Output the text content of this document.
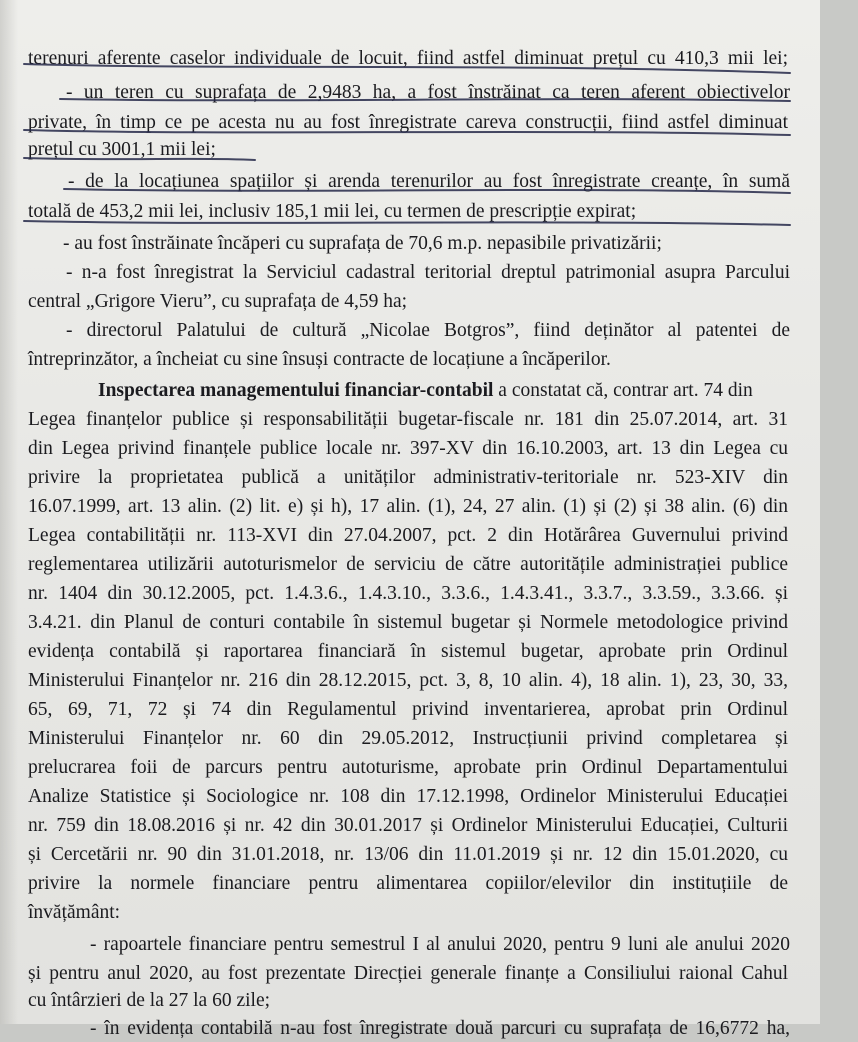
terenuri aferente caselor individuale de locuit, fiind astfel diminuat prețul cu 410,3 mii lei;
- un teren cu suprafața de 2,9483 ha, a fost înstrăinat ca teren aferent obiectivelor
private, în timp ce pe acesta nu au fost înregistrate careva construcții, fiind astfel diminuat
prețul cu 3001,1 mii lei;
- de la locațiunea spațiilor și arenda terenurilor au fost înregistrate creanțe, în sumă
totală de 453,2 mii lei, inclusiv 185,1 mii lei, cu termen de prescripție expirat;
- au fost înstrăinate încăperi cu suprafața de 70,6 m.p. nepasibile privatizării;
- n-a fost înregistrat la Serviciul cadastral teritorial dreptul patrimonial asupra Parcului
central „Grigore Vieru”, cu suprafața de 4,59 ha;
- directorul Palatului de cultură „Nicolae Botgros”, fiind deținător al patentei de
întreprinzător, a încheiat cu sine însuși contracte de locațiune a încăperilor.
Inspectarea managementului financiar-contabil a constatat că, contrar art. 74 din
Legea finanțelor publice și responsabilității bugetar-fiscale nr. 181 din 25.07.2014, art. 31
din Legea privind finanțele publice locale nr. 397-XV din 16.10.2003, art. 13 din Legea cu
privire la proprietatea publică a unităților administrativ-teritoriale nr. 523-XIV din
16.07.1999, art. 13 alin. (2) lit. e) și h), 17 alin. (1), 24, 27 alin. (1) și (2) și 38 alin. (6) din
Legea contabilității nr. 113-XVI din 27.04.2007, pct. 2 din Hotărârea Guvernului privind
reglementarea utilizării autoturismelor de serviciu de către autoritățile administrației publice
nr. 1404 din 30.12.2005, pct. 1.4.3.6., 1.4.3.10., 3.3.6., 1.4.3.41., 3.3.7., 3.3.59., 3.3.66. și
3.4.21. din Planul de conturi contabile în sistemul bugetar și Normele metodologice privind
evidența contabilă și raportarea financiară în sistemul bugetar, aprobate prin Ordinul
Ministerului Finanțelor nr. 216 din 28.12.2015, pct. 3, 8, 10 alin. 4), 18 alin. 1), 23, 30, 33,
65, 69, 71, 72 și 74 din Regulamentul privind inventarierea, aprobat prin Ordinul
Ministerului Finanțelor nr. 60 din 29.05.2012, Instrucțiunii privind completarea și
prelucrarea foii de parcurs pentru autoturisme, aprobate prin Ordinul Departamentului
Analize Statistice și Sociologice nr. 108 din 17.12.1998, Ordinelor Ministerului Educației
nr. 759 din 18.08.2016 și nr. 42 din 30.01.2017 și Ordinelor Ministerului Educației, Culturii
și Cercetării nr. 90 din 31.01.2018, nr. 13/06 din 11.01.2019 și nr. 12 din 15.01.2020, cu
privire la normele financiare pentru alimentarea copiilor/elevilor din instituțiile de
învățământ:
- rapoartele financiare pentru semestrul I al anului 2020, pentru 9 luni ale anului 2020
și pentru anul 2020, au fost prezentate Direcției generale finanțe a Consiliului raional Cahul
cu întârzieri de la 27 la 60 zile;
- în evidența contabilă n-au fost înregistrate două parcuri cu suprafața de 16,6772 ha,
